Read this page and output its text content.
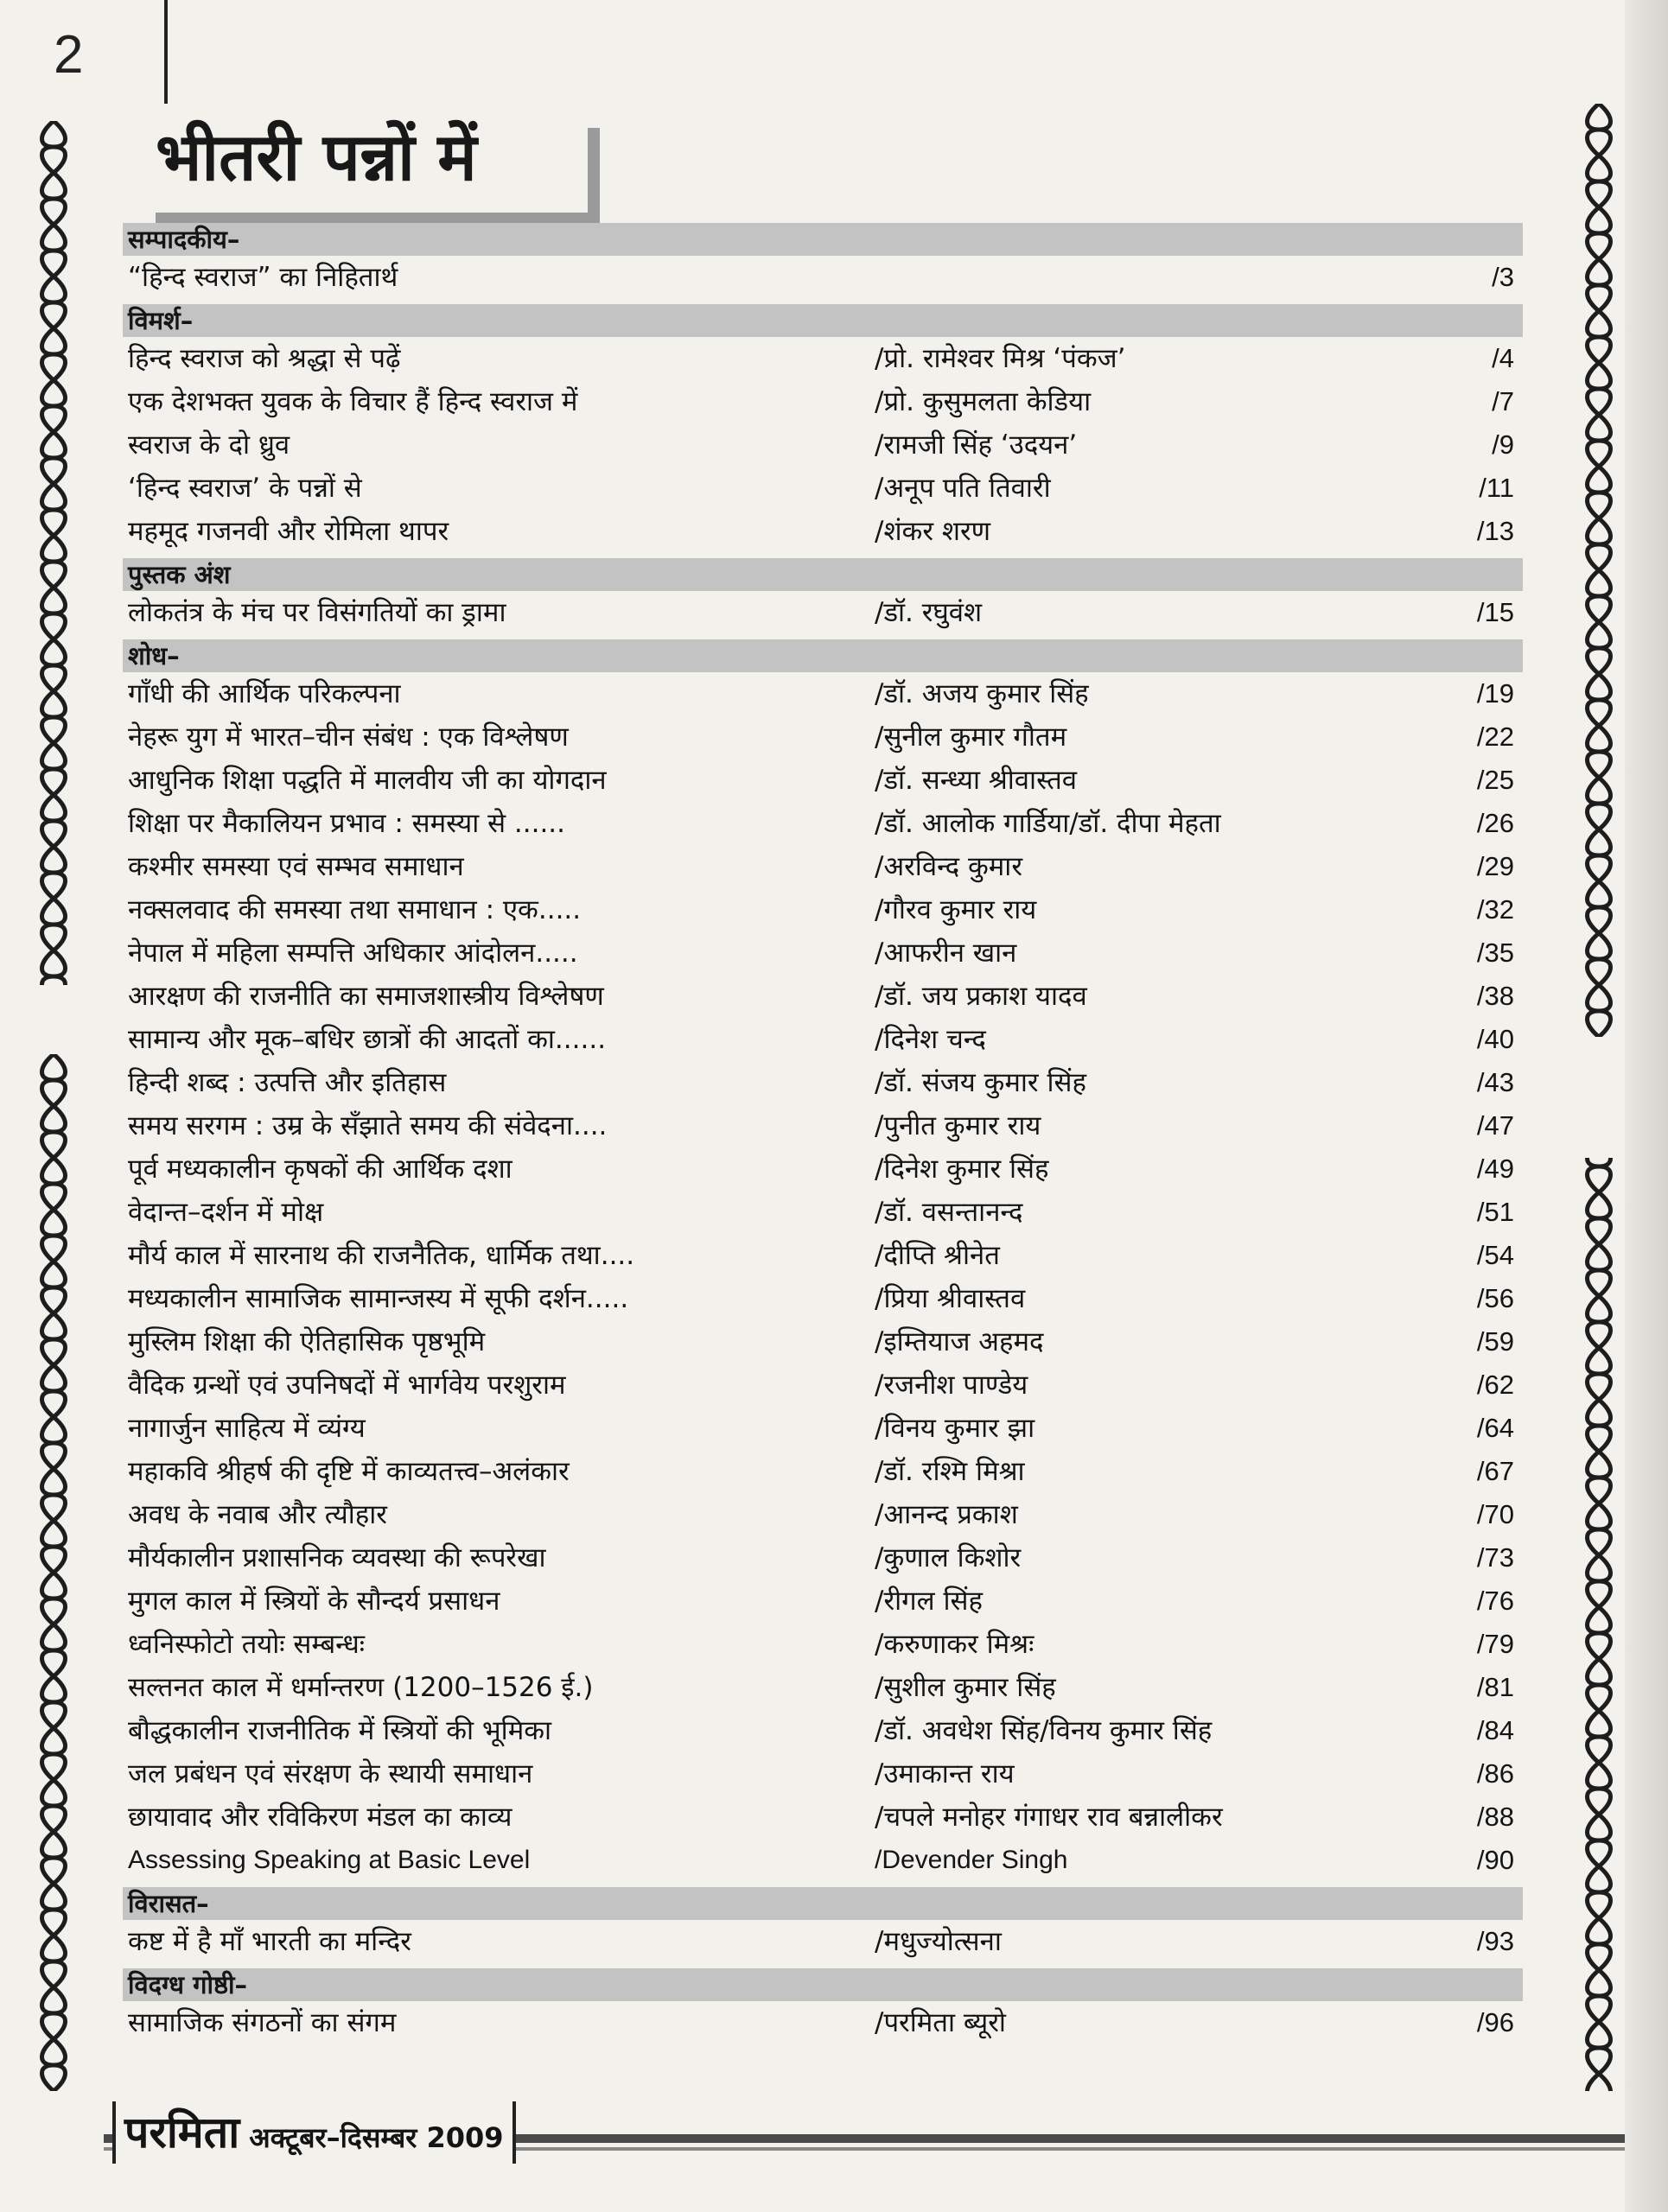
2
भीतरी पन्नों में
सम्पादकीय–
“हिन्द स्वराज” का निहितार्थ	/3
विमर्श–
हिन्द स्वराज को श्रद्धा से पढ़ें	/प्रो. रामेश्वर मिश्र ‘पंकज’	/4
एक देशभक्त युवक के विचार हैं हिन्द स्वराज में	/प्रो. कुसुमलता केडिया	/7
स्वराज के दो ध्रुव	/रामजी सिंह ‘उदयन’	/9
‘हिन्द स्वराज’ के पन्नों से	/अनूप पति तिवारी	/11
महमूद गजनवी और रोमिला थापर	/शंकर शरण	/13
पुस्तक अंश
लोकतंत्र के मंच पर विसंगतियों का ड्रामा	/डॉ. रघुवंश	/15
शोध–
गाँधी की आर्थिक परिकल्पना	/डॉ. अजय कुमार सिंह	/19
नेहरू युग में भारत–चीन संबंध : एक विश्लेषण	/सुनील कुमार गौतम	/22
आधुनिक शिक्षा पद्धति में मालवीय जी का योगदान	/डॉ. सन्ध्या श्रीवास्तव	/25
शिक्षा पर मैकालियन प्रभाव : समस्या से ......	/डॉ. आलोक गार्डिया/डॉ. दीपा मेहता	/26
कश्मीर समस्या एवं सम्भव समाधान	/अरविन्द कुमार	/29
नक्सलवाद की समस्या तथा समाधान : एक.....	/गौरव कुमार राय	/32
नेपाल में महिला सम्पत्ति अधिकार आंदोलन.....	/आफरीन खान	/35
आरक्षण की राजनीति का समाजशास्त्रीय विश्लेषण	/डॉ. जय प्रकाश यादव	/38
सामान्य और मूक–बधिर छात्रों की आदतों का......	/दिनेश चन्द	/40
हिन्दी शब्द : उत्पत्ति और इतिहास	/डॉ. संजय कुमार सिंह	/43
समय सरगम : उम्र के सँझाते समय की संवेदना....	/पुनीत कुमार राय	/47
पूर्व मध्यकालीन कृषकों की आर्थिक दशा	/दिनेश कुमार सिंह	/49
वेदान्त–दर्शन में मोक्ष	/डॉ. वसन्तानन्द	/51
मौर्य काल में सारनाथ की राजनैतिक, धार्मिक तथा....	/दीप्ति श्रीनेत	/54
मध्यकालीन सामाजिक सामान्जस्य में सूफी दर्शन.....	/प्रिया श्रीवास्तव	/56
मुस्लिम शिक्षा की ऐतिहासिक पृष्ठभूमि	/इम्तियाज अहमद	/59
वैदिक ग्रन्थों एवं उपनिषदों में भार्गवेय परशुराम	/रजनीश पाण्डेय	/62
नागार्जुन साहित्य में व्यंग्य	/विनय कुमार झा	/64
महाकवि श्रीहर्ष की दृष्टि में काव्यतत्त्व–अलंकार	/डॉ. रश्मि मिश्रा	/67
अवध के नवाब और त्यौहार	/आनन्द प्रकाश	/70
मौर्यकालीन प्रशासनिक व्यवस्था की रूपरेखा	/कुणाल किशोर	/73
मुगल काल में स्त्रियों के सौन्दर्य प्रसाधन	/रीगल सिंह	/76
ध्वनिस्फोटो तयोः सम्बन्धः	/करुणाकर मिश्रः	/79
सल्तनत काल में धर्मान्तरण (1200–1526 ई.)	/सुशील कुमार सिंह	/81
बौद्धकालीन राजनीतिक में स्त्रियों की भूमिका	/डॉ. अवधेश सिंह/विनय कुमार सिंह	/84
जल प्रबंधन एवं संरक्षण के स्थायी समाधान	/उमाकान्त राय	/86
छायावाद और रविकिरण मंडल का काव्य	/चपले मनोहर गंगाधर राव बन्नालीकर	/88
Assessing Speaking at Basic Level	/Devender Singh	/90
विरासत–
कष्ट में है माँ भारती का मन्दिर	/मधुज्योत्सना	/93
विदग्ध गोष्ठी–
सामाजिक संगठनों का संगम	/परमिता ब्यूरो	/96
परमिता अक्टूबर–दिसम्बर 2009
